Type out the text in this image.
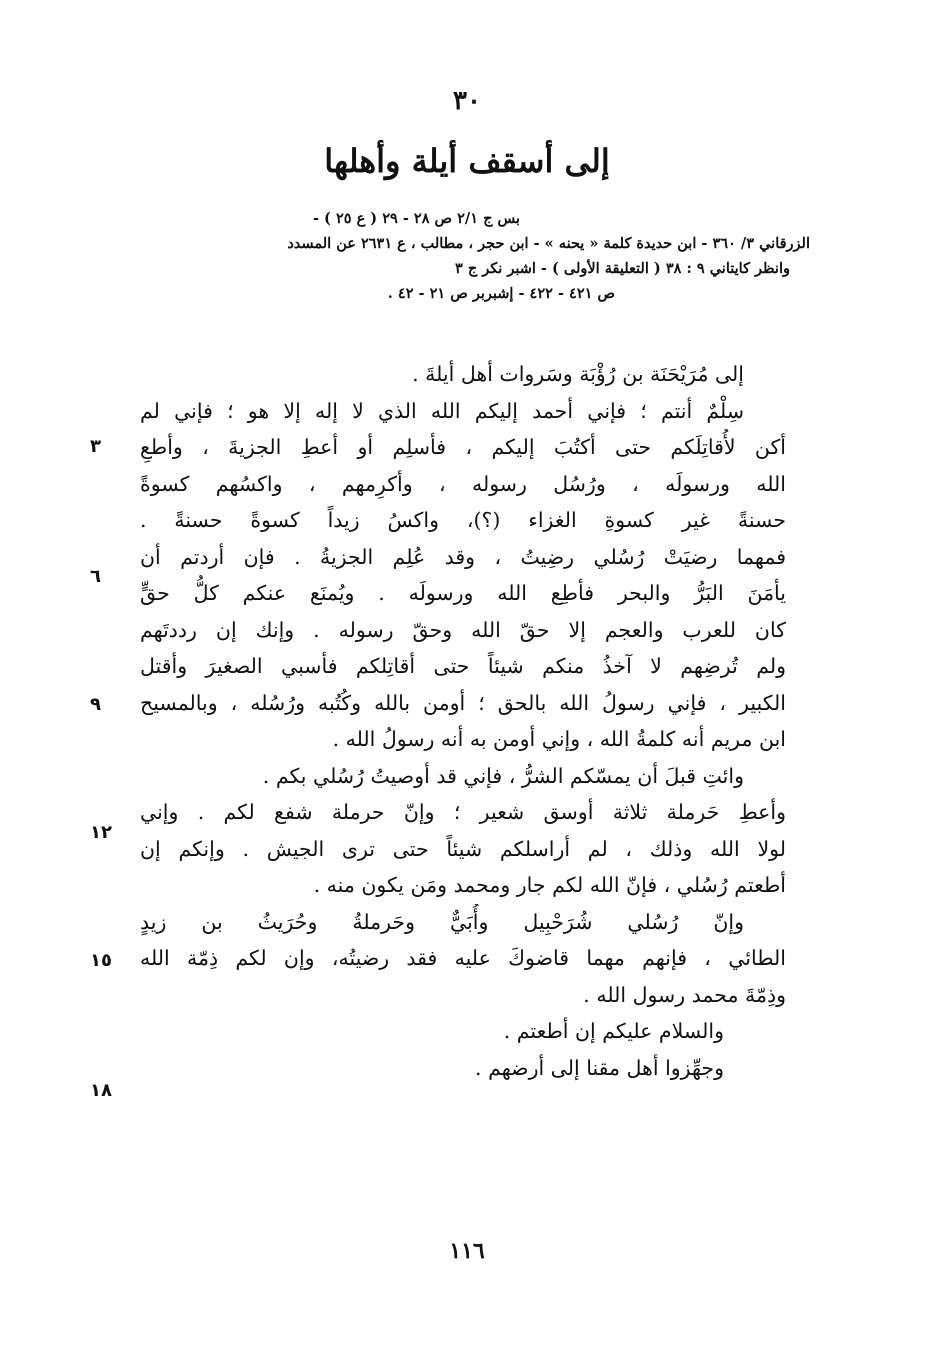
٣٠
إلى أسقف أيلة وأهلها
بس ج ٢/١ ص ٢٨ - ٢٩ ( ع ٢٥ ) -
الزرقاني ٣/ ٣٦٠ - ابن حديدة كلمة « يحنه » - ابن حجر ، مطالب ، ع ٢٦٣١ عن المسدد
وانظر كايتاني ٩ : ٣٨ ( التعليقة الأولى ) - اشبر نكر ج ٣
ص ٤٢١ - ٤٢٢ - إشبربر ص ٢١ - ٤٢ .
إلى مُرَيْحَنَة بن رُؤْبَة وسَروات أهل أيلةَ .
سِلْمٌ أنتم ؛ فإني أحمد إليكم الله الذي لا إله إلا هو ؛ فإني لم
أكن لأُقاتِلَكم حتى أكتُبَ إليكم ، فأسلِم أو أعطِ الجزيةَ ، وأطعِ
الله ورسولَه ، ورُسُل رسوله ، وأكرِمهم ، واكسُهم كسوةً
حسنةً غير كسوةِ الغزاء (؟)، واكسُ زيداً كسوةً حسنةً .
فمهما رضيَتْ رُسُلي رضِيتُ ، وقد عُلِم الجزيةُ . فإن أردتم أن
يأمَنَ البَرُّ والبحر فأطِع الله ورسولَه . ويُمنَع عنكم كلُّ حقٍّ
كان للعرب والعجم إلا حقّ الله وحقّ رسوله . وإنك إن رددتَهم
ولم تُرضِهم لا آخذُ منكم شيئاً حتى أقاتِلكم فأسبي الصغيرَ وأقتل
الكبير ، فإني رسولُ الله بالحق ؛ أومن بالله وكُتُبه ورُسُله ، وبالمسيح
ابن مريم أنه كلمةُ الله ، وإني أومن به أنه رسولُ الله .
وائتِ قبلَ أن يمسّكم الشرُّ ، فإني قد أوصيتُ رُسُلي بكم .
وأعطِ حَرملة ثلاثة أوسق شعير ؛ وإنّ حرملة شفع لكم . وإني
لولا الله وذلك ، لم أراسلكم شيئاً حتى ترى الجيش . وإنكم إن
أطعتم رُسُلي ، فإنّ الله لكم جار ومحمد ومَن يكون منه .
وإنّ رُسُلي شُرَحْبِيل وأُبَيٌّ وحَرملةُ وحُرَيثُ بن زيدٍ
الطائي ، فإنهم مهما قاضوكَ عليه فقد رضيتُه، وإن لكم ذِمّة الله
وذِمّةَ محمد رسول الله .
والسلام عليكم إن أطعتم .
وجهِّزوا أهل مقنا إلى أرضهم .
٣
٦
٩
١٢
١٥
١٨
١١٦
